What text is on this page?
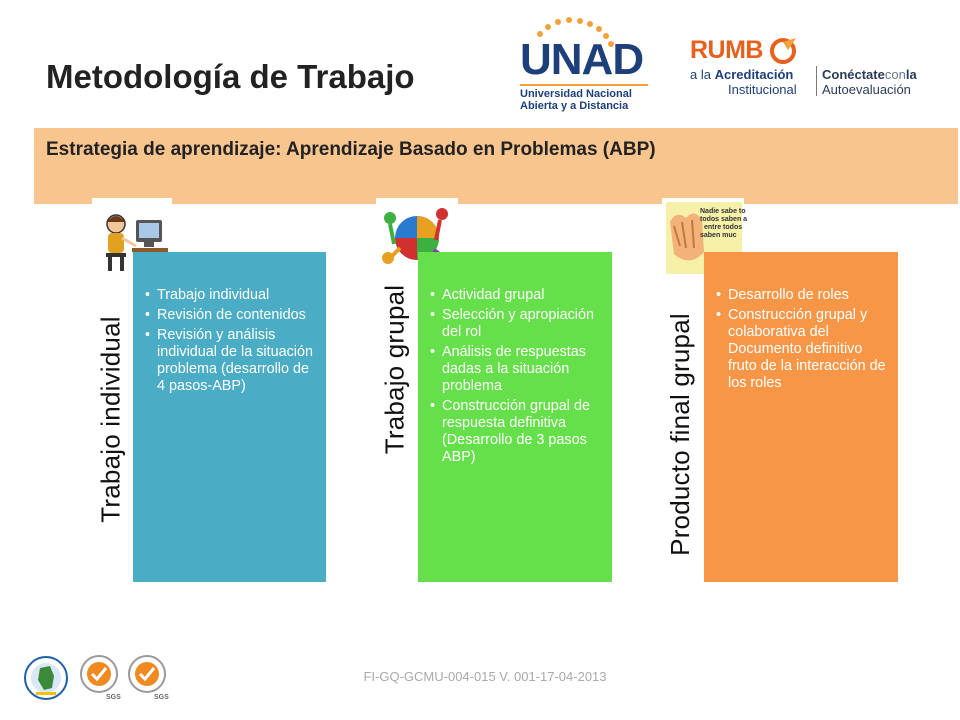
Metodología de Trabajo UNAD
Universidad Nacional
Abierta y a Distancia
RUMB
a la Acreditación
Institucional
Conéctateconla
Autoevaluación
Estrategia de aprendizaje: Aprendizaje Basado en Problemas (ABP)
Trabajo individual
• Trabajo individual
• Revisión de contenidos
• Revisión y análisis individual de la situación problema (desarrollo de 4 pasos-ABP)	Trabajo grupal
•	Actividad grupal
• Selección y apropiación del rol
• Análisis de respuestas dadas a la situación problema
• Construcción grupal de respuesta definitiva (Desarrollo de 3 pasos ABP)	Producto final grupal
Nadie sabe to
todos saben a
entre todos
saben muc
• Desarrollo de roles
• Construcción grupal y colaborativa del Documento definitivo fruto de la interacción de los roles
SGS	SGS
FI-GQ-GCMU-004-015 V. 001-17-04-2013
